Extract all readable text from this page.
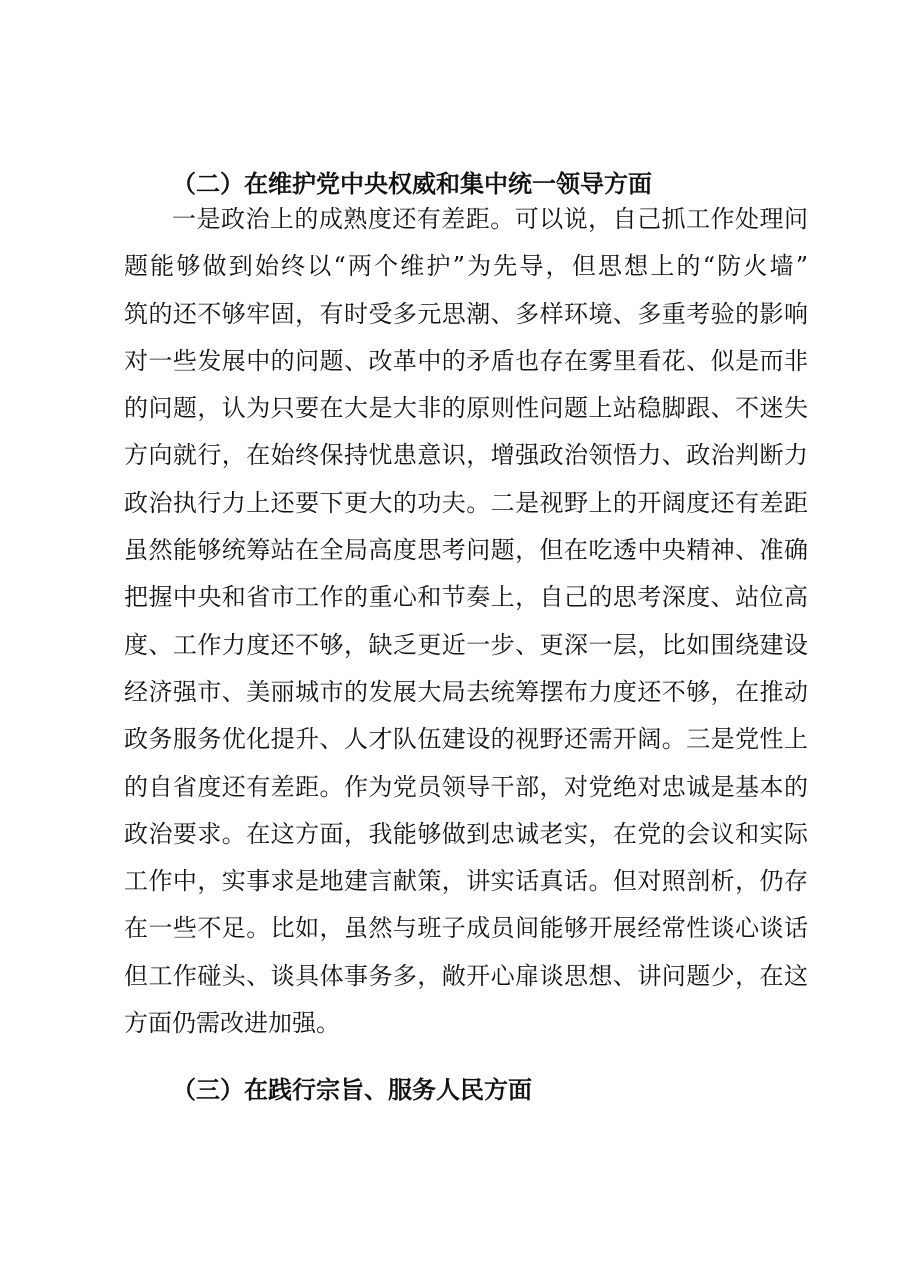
（二）在维护党中央权威和集中统一领导方面
一是政治上的成熟度还有差距。可以说，自己抓工作处理问
题能够做到始终以“两个维护”为先导，但思想上的“防火墙”
筑的还不够牢固，有时受多元思潮、多样环境、多重考验的影响
对一些发展中的问题、改革中的矛盾也存在雾里看花、似是而非
的问题，认为只要在大是大非的原则性问题上站稳脚跟、不迷失
方向就行，在始终保持忧患意识，增强政治领悟力、政治判断力
政治执行力上还要下更大的功夫。二是视野上的开阔度还有差距
虽然能够统筹站在全局高度思考问题，但在吃透中央精神、准确
把握中央和省市工作的重心和节奏上，自己的思考深度、站位高
度、工作力度还不够，缺乏更近一步、更深一层，比如围绕建设
经济强市、美丽城市的发展大局去统筹摆布力度还不够，在推动
政务服务优化提升、人才队伍建设的视野还需开阔。三是党性上
的自省度还有差距。作为党员领导干部，对党绝对忠诚是基本的
政治要求。在这方面，我能够做到忠诚老实，在党的会议和实际
工作中，实事求是地建言献策，讲实话真话。但对照剖析，仍存
在一些不足。比如，虽然与班子成员间能够开展经常性谈心谈话
但工作碰头、谈具体事务多，敞开心扉谈思想、讲问题少，在这
方面仍需改进加强。
（三）在践行宗旨、服务人民方面
